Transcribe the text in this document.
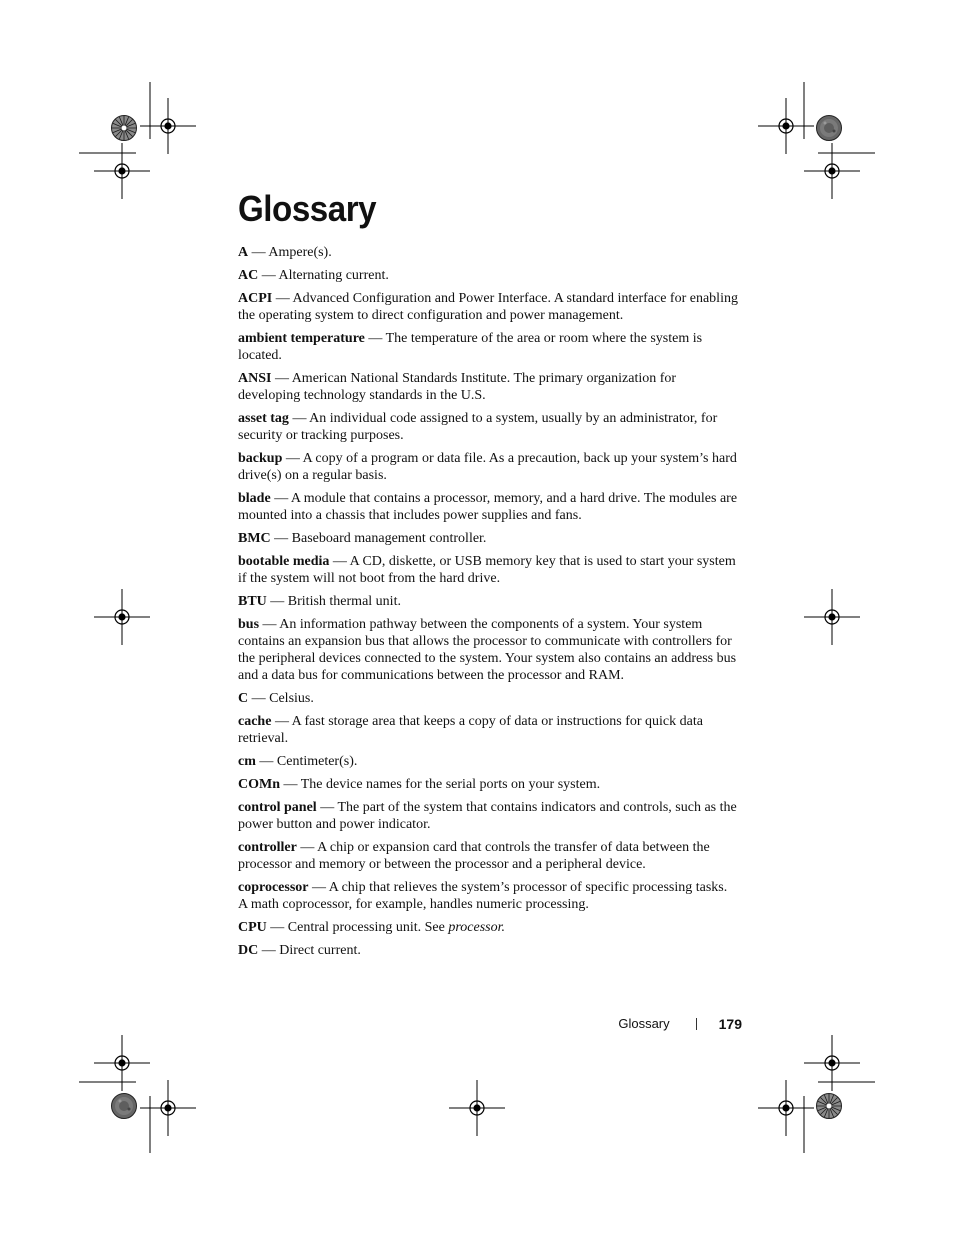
Glossary

A — Ampere(s).

AC — Alternating current.

ACPI — Advanced Configuration and Power Interface. A standard interface for enabling the operating system to direct configuration and power management.

ambient temperature — The temperature of the area or room where the system is located.

ANSI — American National Standards Institute. The primary organization for developing technology standards in the U.S.

asset tag — An individual code assigned to a system, usually by an administrator, for security or tracking purposes.

backup — A copy of a program or data file. As a precaution, back up your system’s hard drive(s) on a regular basis.

blade — A module that contains a processor, memory, and a hard drive. The modules are mounted into a chassis that includes power supplies and fans.

BMC — Baseboard management controller.

bootable media — A CD, diskette, or USB memory key that is used to start your system if the system will not boot from the hard drive.

BTU — British thermal unit.

bus — An information pathway between the components of a system. Your system contains an expansion bus that allows the processor to communicate with controllers for the peripheral devices connected to the system. Your system also contains an address bus and a data bus for communications between the processor and RAM.

C — Celsius.

cache — A fast storage area that keeps a copy of data or instructions for quick data retrieval.

cm — Centimeter(s).

COMn — The device names for the serial ports on your system.

control panel — The part of the system that contains indicators and controls, such as the power button and power indicator.

controller — A chip or expansion card that controls the transfer of data between the processor and memory or between the processor and a peripheral device.

coprocessor — A chip that relieves the system’s processor of specific processing tasks. A math coprocessor, for example, handles numeric processing.

CPU — Central processing unit. See processor.

DC — Direct current.

Glossary	179
